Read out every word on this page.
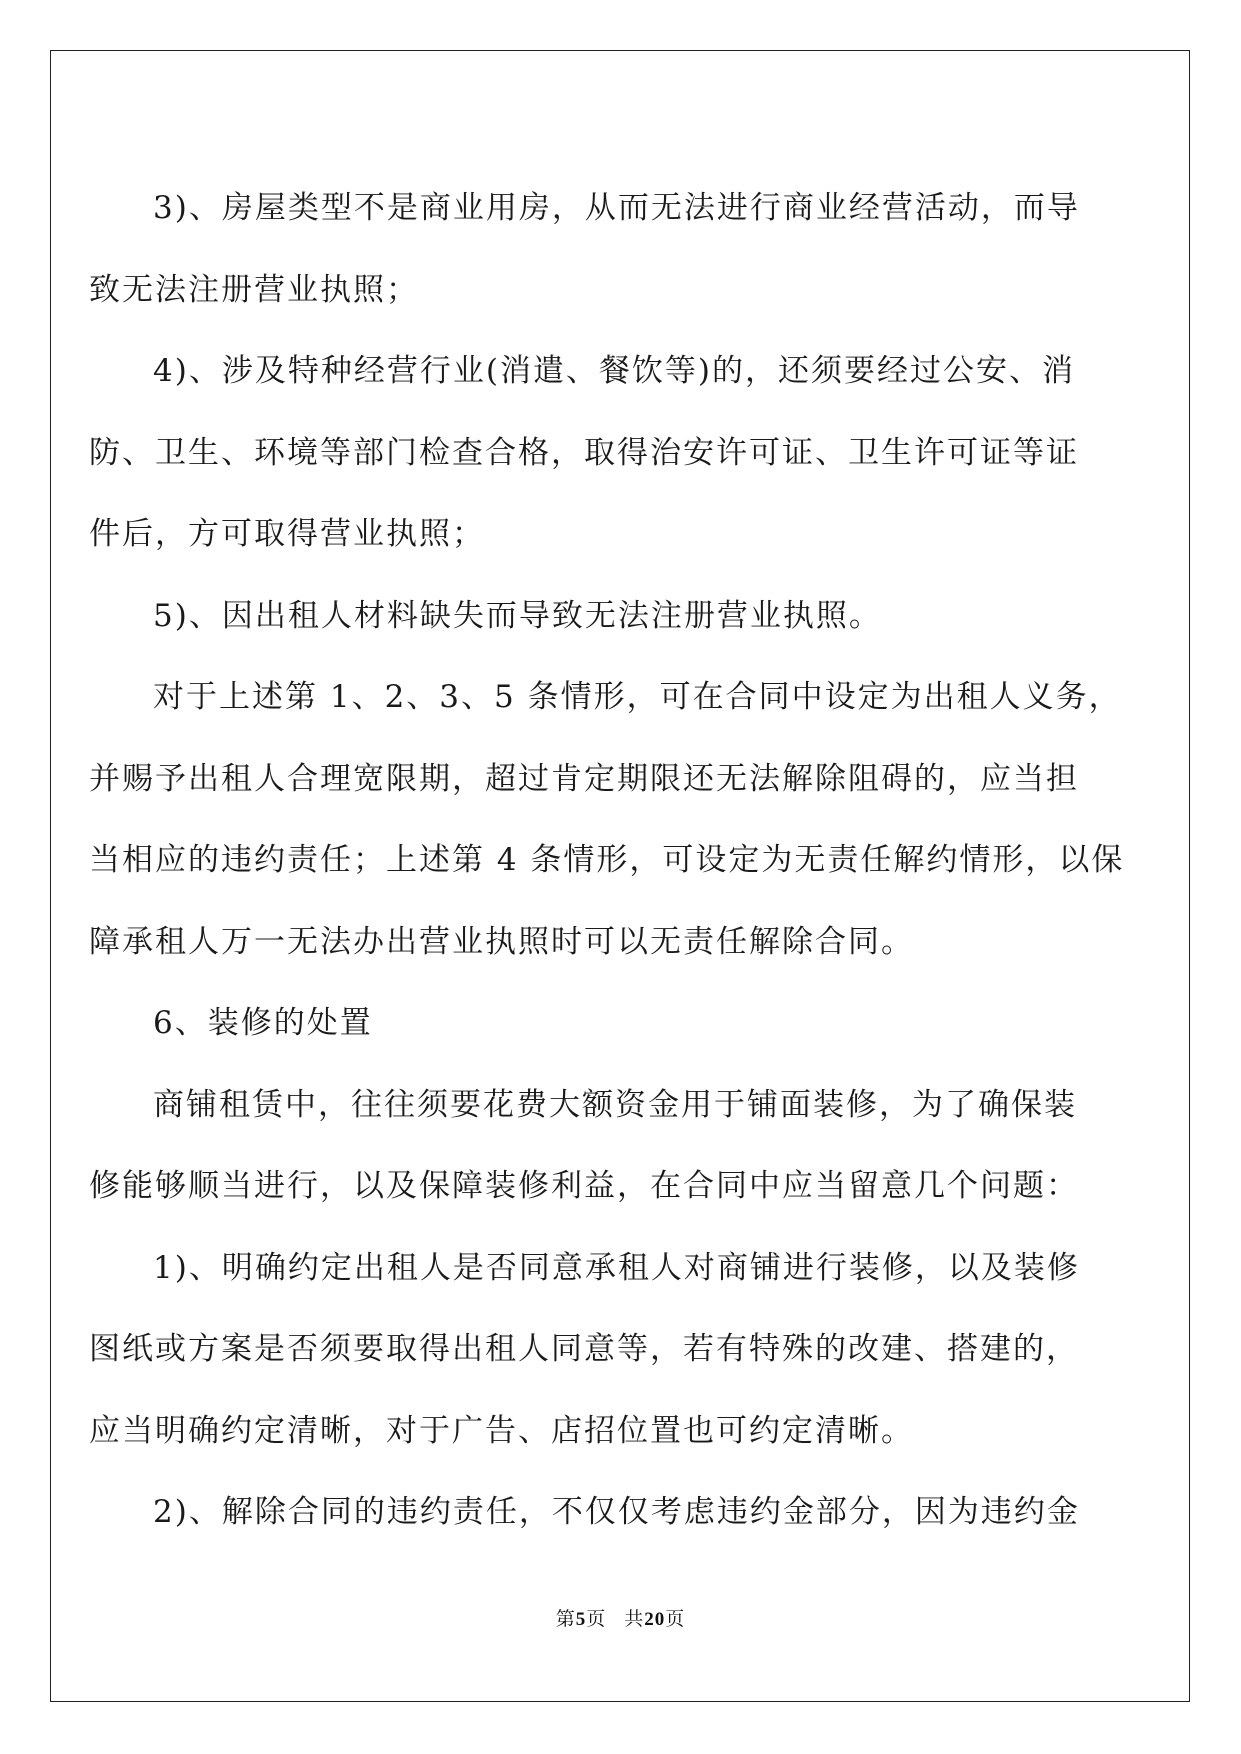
3)、房屋类型不是商业用房，从而无法进行商业经营活动，而导
致无法注册营业执照；

4)、涉及特种经营行业(消遣、餐饮等)的，还须要经过公安、消
防、卫生、环境等部门检查合格，取得治安许可证、卫生许可证等证
件后，方可取得营业执照；

5)、因出租人材料缺失而导致无法注册营业执照。

对于上述第 1、2、3、5 条情形，可在合同中设定为出租人义务，
并赐予出租人合理宽限期，超过肯定期限还无法解除阻碍的，应当担
当相应的违约责任；上述第 4 条情形，可设定为无责任解约情形，以保
障承租人万一无法办出营业执照时可以无责任解除合同。

6、装修的处置

商铺租赁中，往往须要花费大额资金用于铺面装修，为了确保装
修能够顺当进行，以及保障装修利益，在合同中应当留意几个问题：

1)、明确约定出租人是否同意承租人对商铺进行装修，以及装修
图纸或方案是否须要取得出租人同意等，若有特殊的改建、搭建的，
应当明确约定清晰，对于广告、店招位置也可约定清晰。

2)、解除合同的违约责任，不仅仅考虑违约金部分，因为违约金

第5页 共20页
